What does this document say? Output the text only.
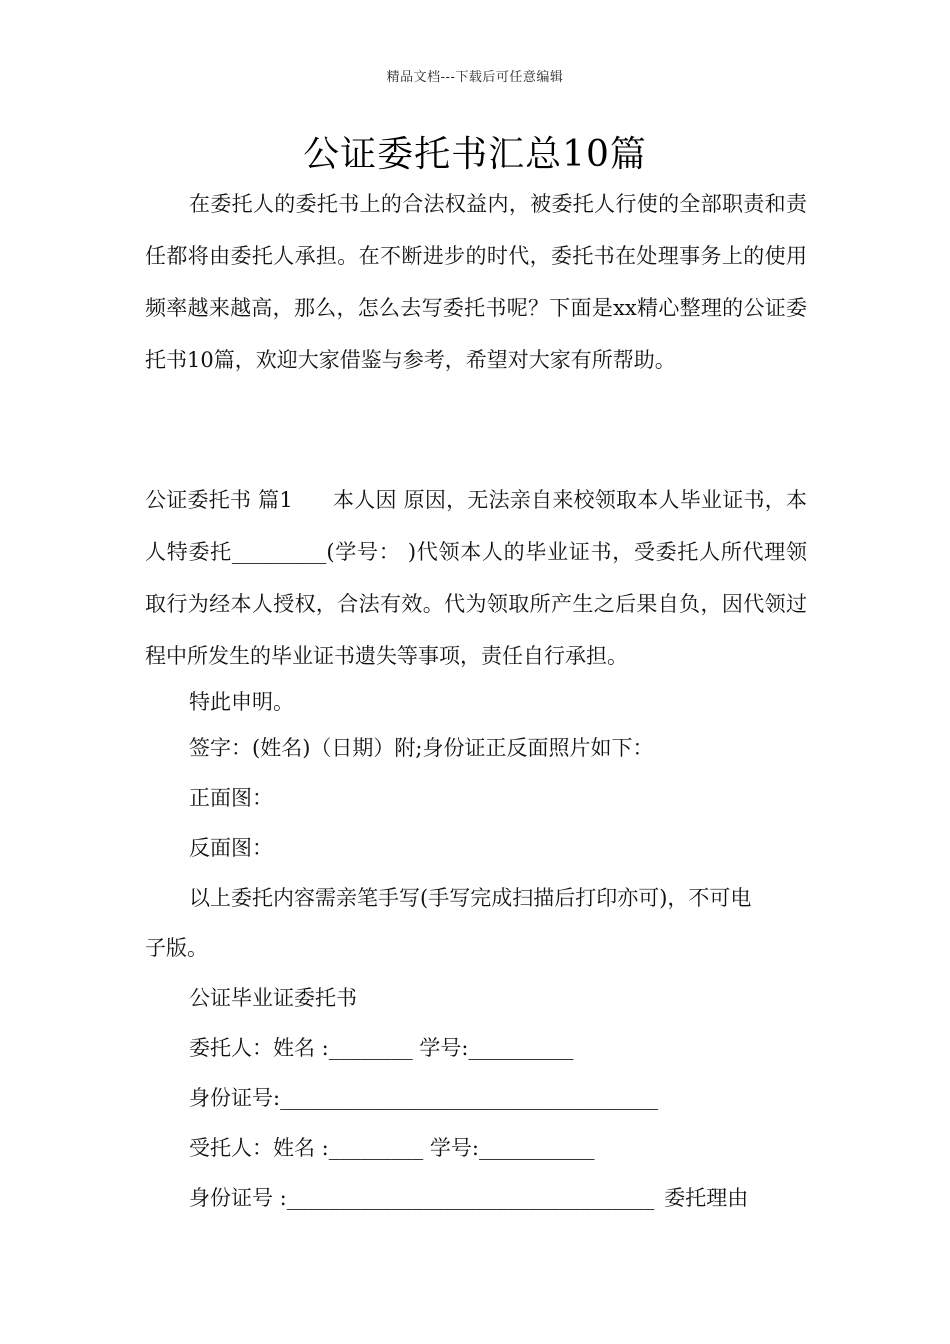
精品文档---下载后可任意编辑
公证委托书汇总10篇

在委托人的委托书上的合法权益内，被委托人行使的全部职责和责任都将由委托人承担。在不断进步的时代，委托书在处理事务上的使用频率越来越高，那么，怎么去写委托书呢？下面是xx精心整理的公证委托书10篇，欢迎大家借鉴与参考，希望对大家有所帮助。

公证委托书 篇1 本人因 原因，无法亲自来校领取本人毕业证书，本人特委托_________(学号： )代领本人的毕业证书，受委托人所代理领取行为经本人授权，合法有效。代为领取所产生之后果自负，因代领过程中所发生的毕业证书遗失等事项，责任自行承担。

特此申明。

签字：(姓名)（日期）附;身份证正反面照片如下：

正面图：

反面图：

以上委托内容需亲笔手写(手写完成扫描后打印亦可)，不可电

子版。

公证毕业证委托书

委托人：姓名 :________ 学号:__________

身份证号:____________________________________

受托人：姓名 :_________ 学号:___________

身份证号 :___________________________________ 委托理由
